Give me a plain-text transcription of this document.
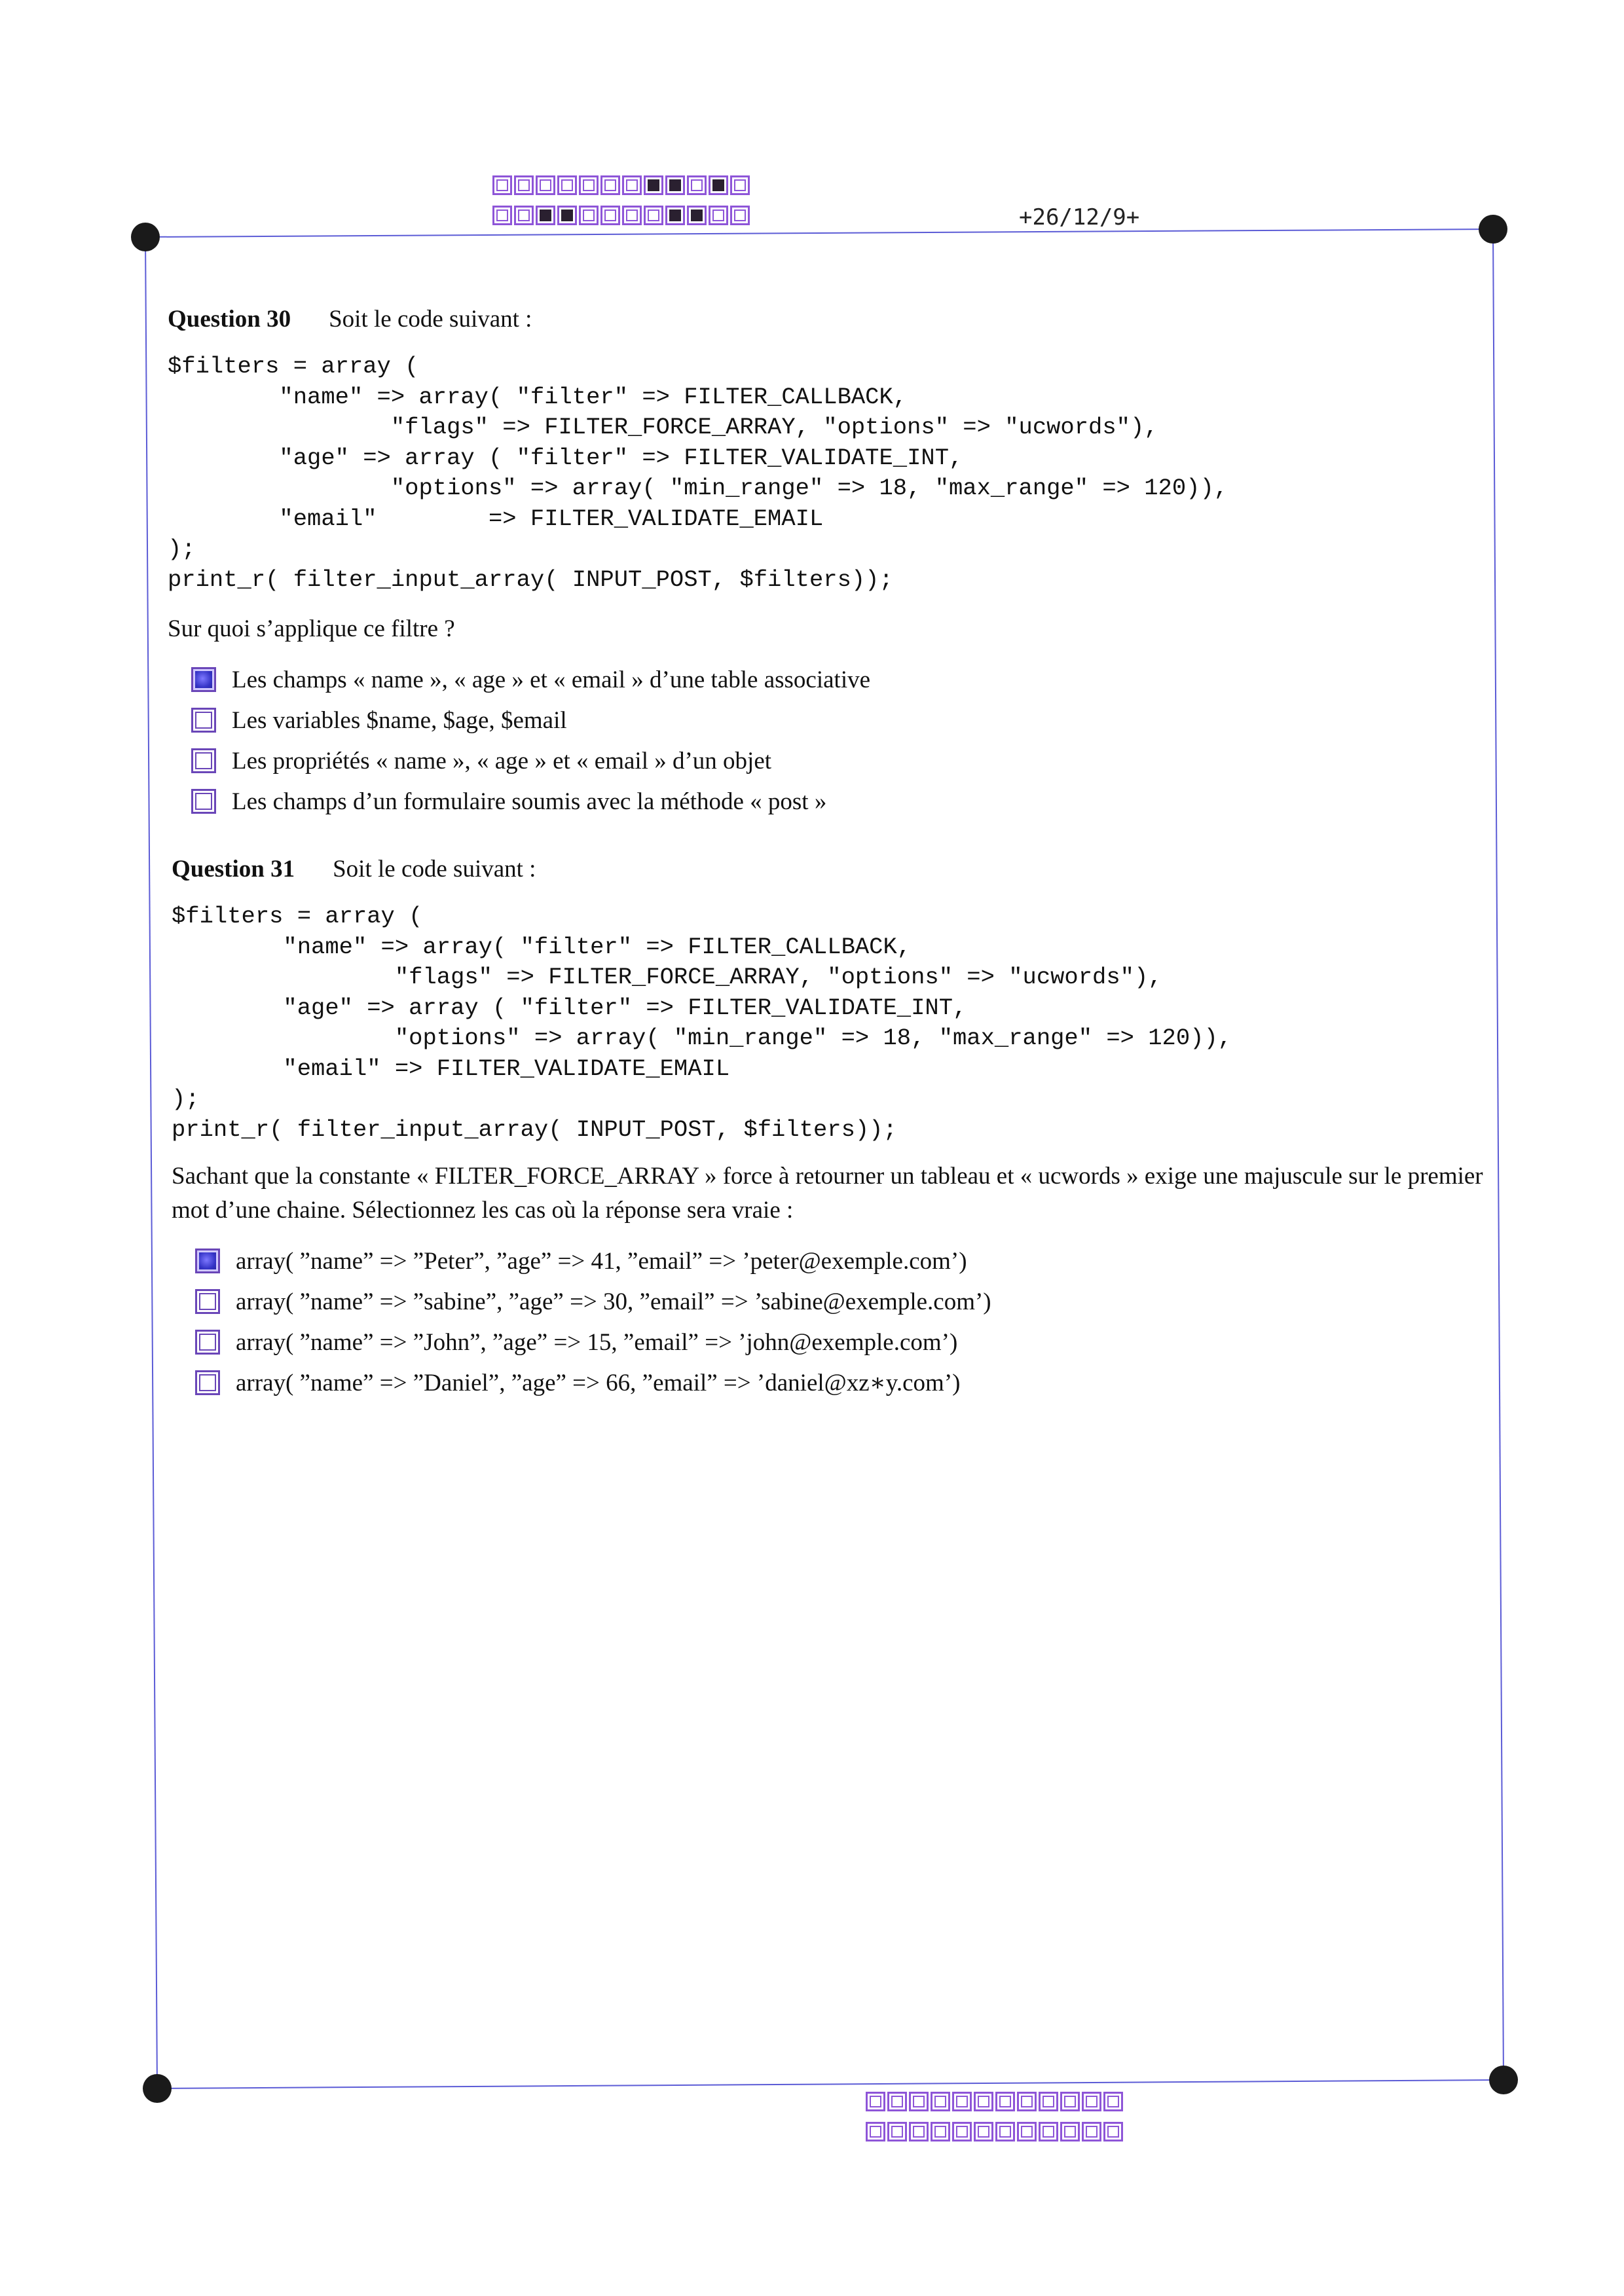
+26/12/9+
Question 30 Soit le code suivant :
$filters = array (
"name" => array( "filter" => FILTER_CALLBACK,
"flags" => FILTER_FORCE_ARRAY, "options" => "ucwords"),
"age" => array ( "filter" => FILTER_VALIDATE_INT,
"options" => array( "min_range" => 18, "max_range" => 120)),
"email"        => FILTER_VALIDATE_EMAIL
);
print_r( filter_input_array( INPUT_POST, $filters));
Sur quoi s’applique ce filtre ?
Les champs « name », « age » et « email » d’une table associative
Les variables $name, $age, $email
Les propriétés « name », « age » et « email » d’un objet
Les champs d’un formulaire soumis avec la méthode « post »
Question 31 Soit le code suivant :
$filters = array (
"name" => array( "filter" => FILTER_CALLBACK,
"flags" => FILTER_FORCE_ARRAY, "options" => "ucwords"),
"age" => array ( "filter" => FILTER_VALIDATE_INT,
"options" => array( "min_range" => 18, "max_range" => 120)),
"email" => FILTER_VALIDATE_EMAIL
);
print_r( filter_input_array( INPUT_POST, $filters));
Sachant que la constante « FILTER_FORCE_ARRAY » force à retourner un tableau et « ucwords » exige une majuscule sur le premier mot d’une chaine. Sélectionnez les cas où la réponse sera vraie :
array( ”name” => ”Peter”, ”age” => 41, ”email” => ’peter@exemple.com’)
array( ”name” => ”sabine”, ”age” => 30, ”email” => ’sabine@exemple.com’)
array( ”name” => ”John”, ”age” => 15, ”email” => ’john@exemple.com’)
array( ”name” => ”Daniel”, ”age” => 66, ”email” => ’daniel@xz∗y.com’)
